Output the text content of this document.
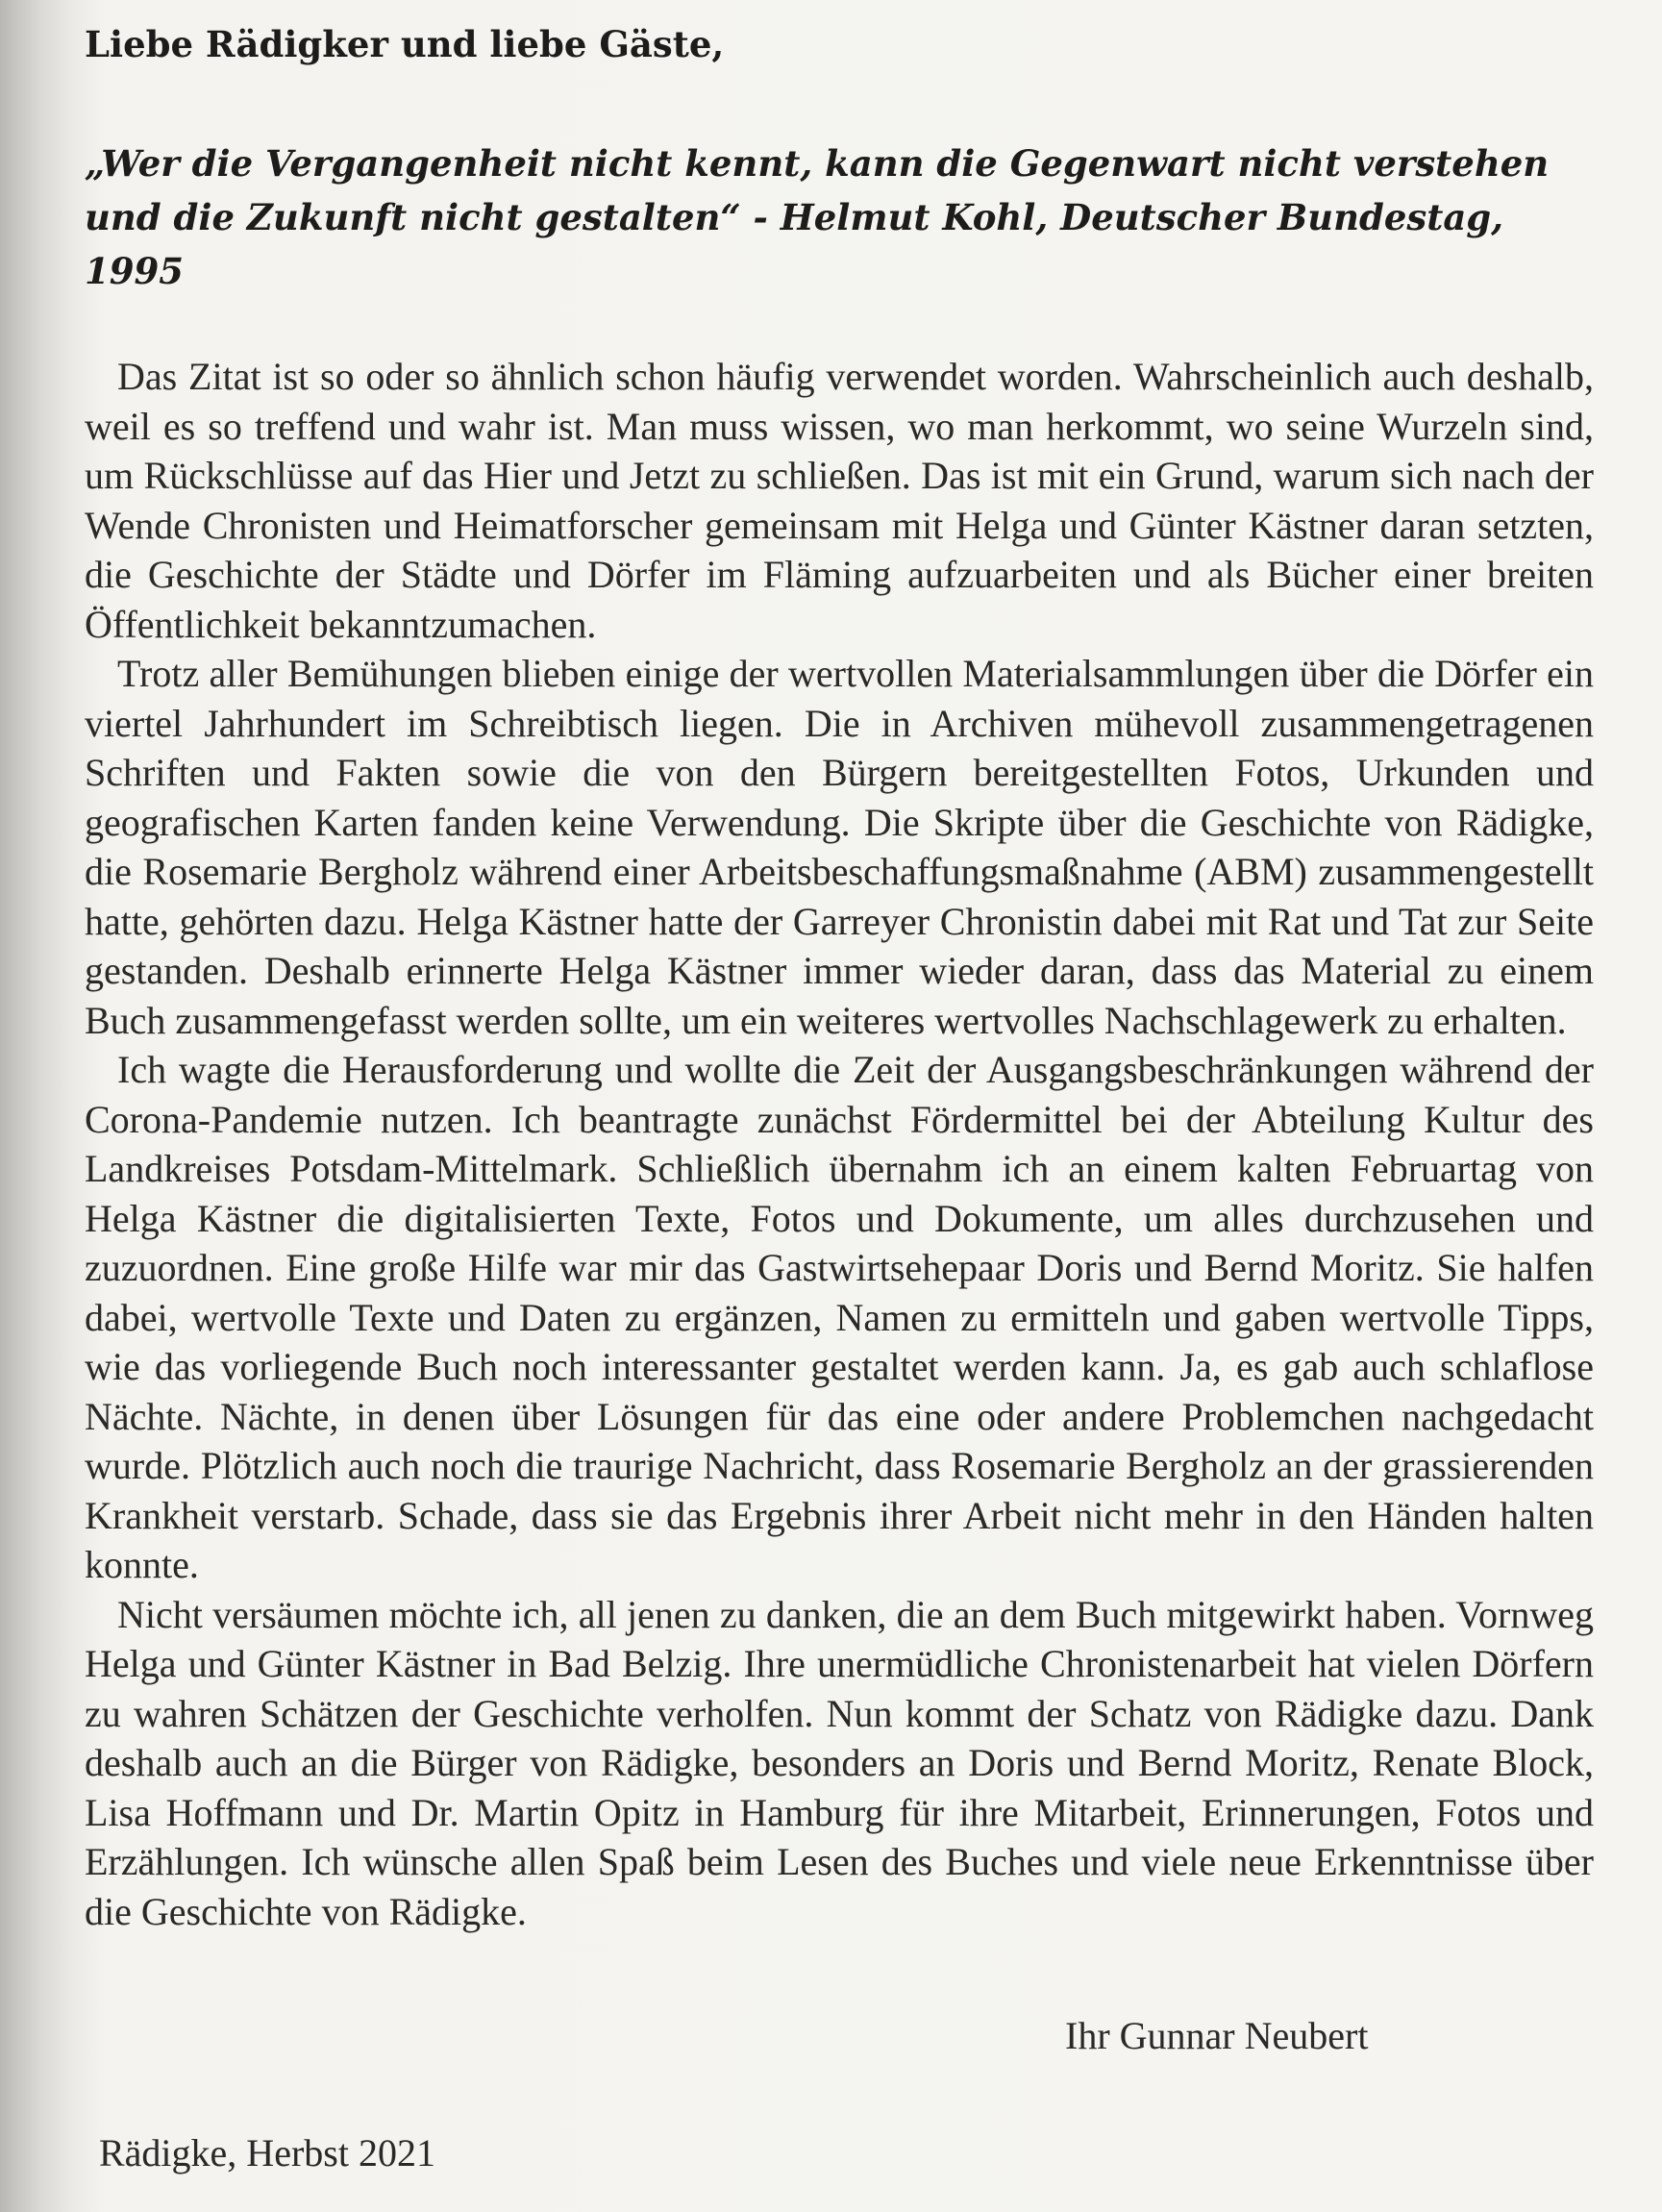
Liebe Rädigker und liebe Gäste,

„Wer die Vergangenheit nicht kennt, kann die Gegenwart nicht verstehen und die Zukunft nicht gestalten“ - Helmut Kohl, Deutscher Bundestag, 1995

Das Zitat ist so oder so ähnlich schon häufig verwendet worden. Wahrscheinlich auch deshalb, weil es so treffend und wahr ist. Man muss wissen, wo man herkommt, wo seine Wurzeln sind, um Rückschlüsse auf das Hier und Jetzt zu schließen. Das ist mit ein Grund, warum sich nach der Wende Chronisten und Heimatforscher gemeinsam mit Helga und Günter Kästner daran setzten, die Geschichte der Städte und Dörfer im Fläming aufzuarbeiten und als Bücher einer breiten Öffentlichkeit bekanntzumachen.

Trotz aller Bemühungen blieben einige der wertvollen Materialsammlungen über die Dörfer ein viertel Jahrhundert im Schreibtisch liegen. Die in Archiven mühevoll zusammengetragenen Schriften und Fakten sowie die von den Bürgern bereitgestellten Fotos, Urkunden und geografischen Karten fanden keine Verwendung. Die Skripte über die Geschichte von Rädigke, die Rosemarie Bergholz während einer Arbeitsbeschaffungsmaßnahme (ABM) zusammengestellt hatte, gehörten dazu. Helga Kästner hatte der Garreyer Chronistin dabei mit Rat und Tat zur Seite gestanden. Deshalb erinnerte Helga Kästner immer wieder daran, dass das Material zu einem Buch zusammengefasst werden sollte, um ein weiteres wertvolles Nachschlagewerk zu erhalten.

Ich wagte die Herausforderung und wollte die Zeit der Ausgangsbeschränkungen während der Corona-Pandemie nutzen. Ich beantragte zunächst Fördermittel bei der Abteilung Kultur des Landkreises Potsdam-Mittelmark. Schließlich übernahm ich an einem kalten Februartag von Helga Kästner die digitalisierten Texte, Fotos und Dokumente, um alles durchzusehen und zuzuordnen. Eine große Hilfe war mir das Gastwirtsehepaar Doris und Bernd Moritz. Sie halfen dabei, wertvolle Texte und Daten zu ergänzen, Namen zu ermitteln und gaben wertvolle Tipps, wie das vorliegende Buch noch interessanter gestaltet werden kann. Ja, es gab auch schlaflose Nächte. Nächte, in denen über Lösungen für das eine oder andere Problemchen nachgedacht wurde. Plötzlich auch noch die traurige Nachricht, dass Rosemarie Bergholz an der grassierenden Krankheit verstarb. Schade, dass sie das Ergebnis ihrer Arbeit nicht mehr in den Händen halten konnte.

Nicht versäumen möchte ich, all jenen zu danken, die an dem Buch mitgewirkt haben. Vornweg Helga und Günter Kästner in Bad Belzig. Ihre unermüdliche Chronistenarbeit hat vielen Dörfern zu wahren Schätzen der Geschichte verholfen. Nun kommt der Schatz von Rädigke dazu. Dank deshalb auch an die Bürger von Rädigke, besonders an Doris und Bernd Moritz, Renate Block, Lisa Hoffmann und Dr. Martin Opitz in Hamburg für ihre Mitarbeit, Erinnerungen, Fotos und Erzählungen. Ich wünsche allen Spaß beim Lesen des Buches und viele neue Erkenntnisse über die Geschichte von Rädigke.

Ihr Gunnar Neubert

Rädigke, Herbst 2021
